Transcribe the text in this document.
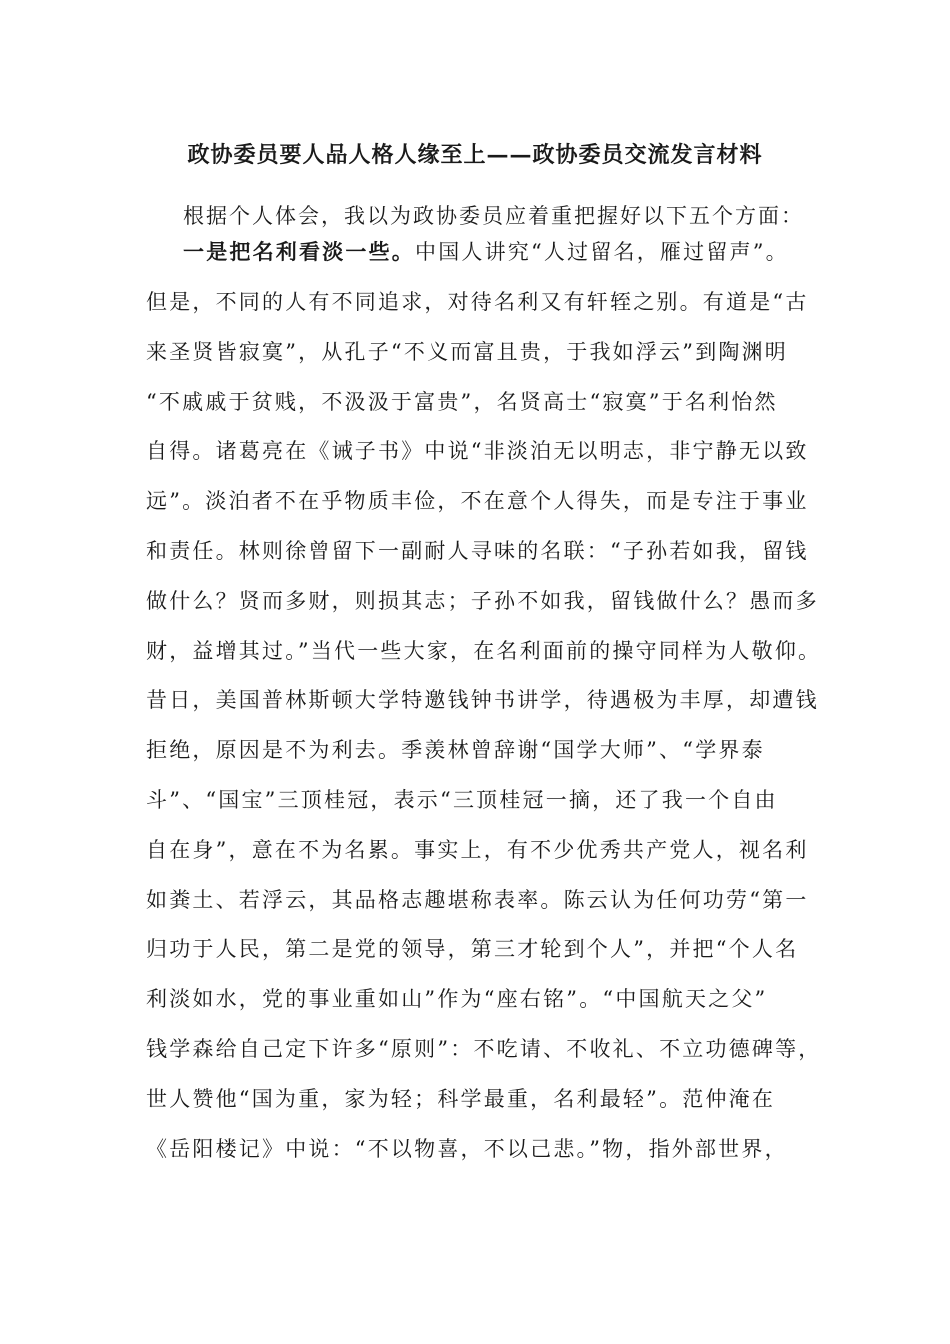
政协委员要人品人格人缘至上——政协委员交流发言材料
根据个人体会，我以为政协委员应着重把握好以下五个方面：
一是把名利看淡一些。中国人讲究“人过留名，雁过留声”。
但是，不同的人有不同追求，对待名利又有轩轾之别。有道是“古
来圣贤皆寂寞”，从孔子“不义而富且贵，于我如浮云”到陶渊明
“不戚戚于贫贱，不汲汲于富贵”，名贤高士“寂寞”于名利怡然
自得。诸葛亮在《诫子书》中说“非淡泊无以明志，非宁静无以致
远”。淡泊者不在乎物质丰俭，不在意个人得失，而是专注于事业
和责任。林则徐曾留下一副耐人寻味的名联：“子孙若如我，留钱
做什么？贤而多财，则损其志；子孙不如我，留钱做什么？愚而多
财，益增其过。”当代一些大家，在名利面前的操守同样为人敬仰。
昔日，美国普林斯顿大学特邀钱钟书讲学，待遇极为丰厚，却遭钱
拒绝，原因是不为利去。季羡林曾辞谢“国学大师”、“学界泰
斗”、“国宝”三顶桂冠，表示“三顶桂冠一摘，还了我一个自由
自在身”，意在不为名累。事实上，有不少优秀共产党人，视名利
如粪土、若浮云，其品格志趣堪称表率。陈云认为任何功劳“第一
归功于人民，第二是党的领导，第三才轮到个人”，并把“个人名
利淡如水，党的事业重如山”作为“座右铭”。“中国航天之父”
钱学森给自己定下许多“原则”：不吃请、不收礼、不立功德碑等，
世人赞他“国为重，家为轻；科学最重，名利最轻”。范仲淹在
《岳阳楼记》中说：“不以物喜，不以己悲。”物，指外部世界，
